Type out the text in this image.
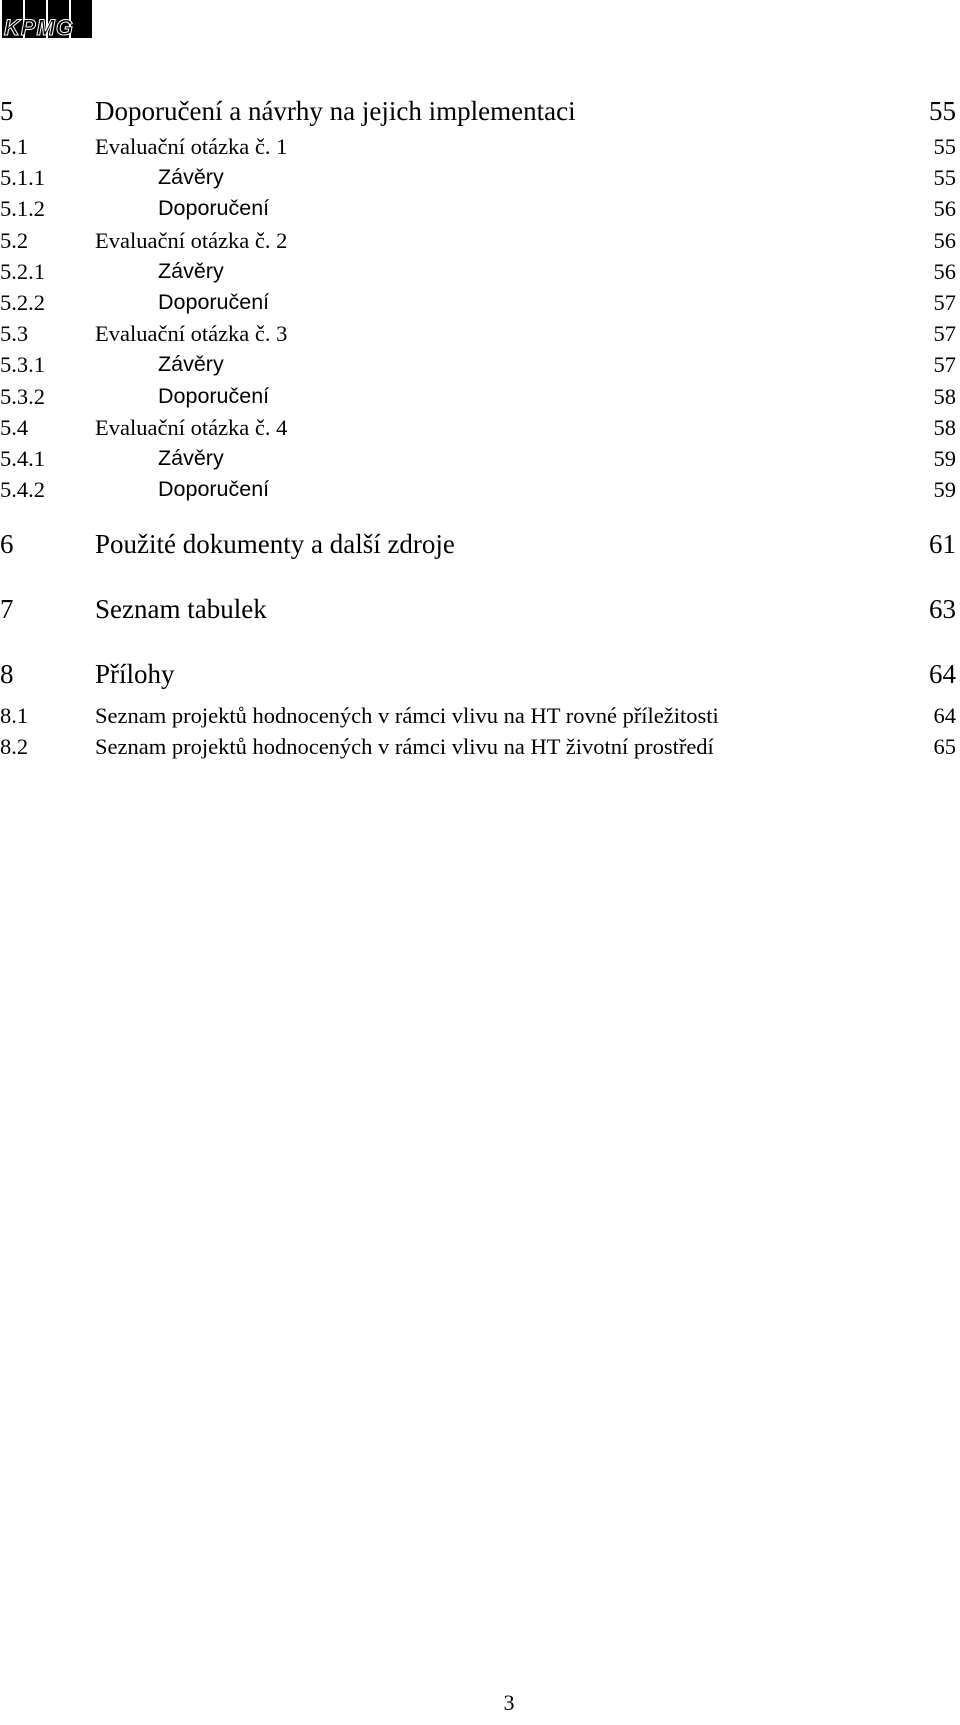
KPMG
5	Doporučení a návrhy na jejich implementaci	55
5.1	Evaluační otázka č. 1	55
5.1.1	Závěry	55
5.1.2	Doporučení	56
5.2	Evaluační otázka č. 2	56
5.2.1	Závěry	56
5.2.2	Doporučení	57
5.3	Evaluační otázka č. 3	57
5.3.1	Závěry	57
5.3.2	Doporučení	58
5.4	Evaluační otázka č. 4	58
5.4.1	Závěry	59
5.4.2	Doporučení	59
6	Použité dokumenty a další zdroje	61
7	Seznam tabulek	63
8	Přílohy	64
8.1	Seznam projektů hodnocených v rámci vlivu na HT rovné příležitosti	64
8.2	Seznam projektů hodnocených v rámci vlivu na HT životní prostředí	65
3
